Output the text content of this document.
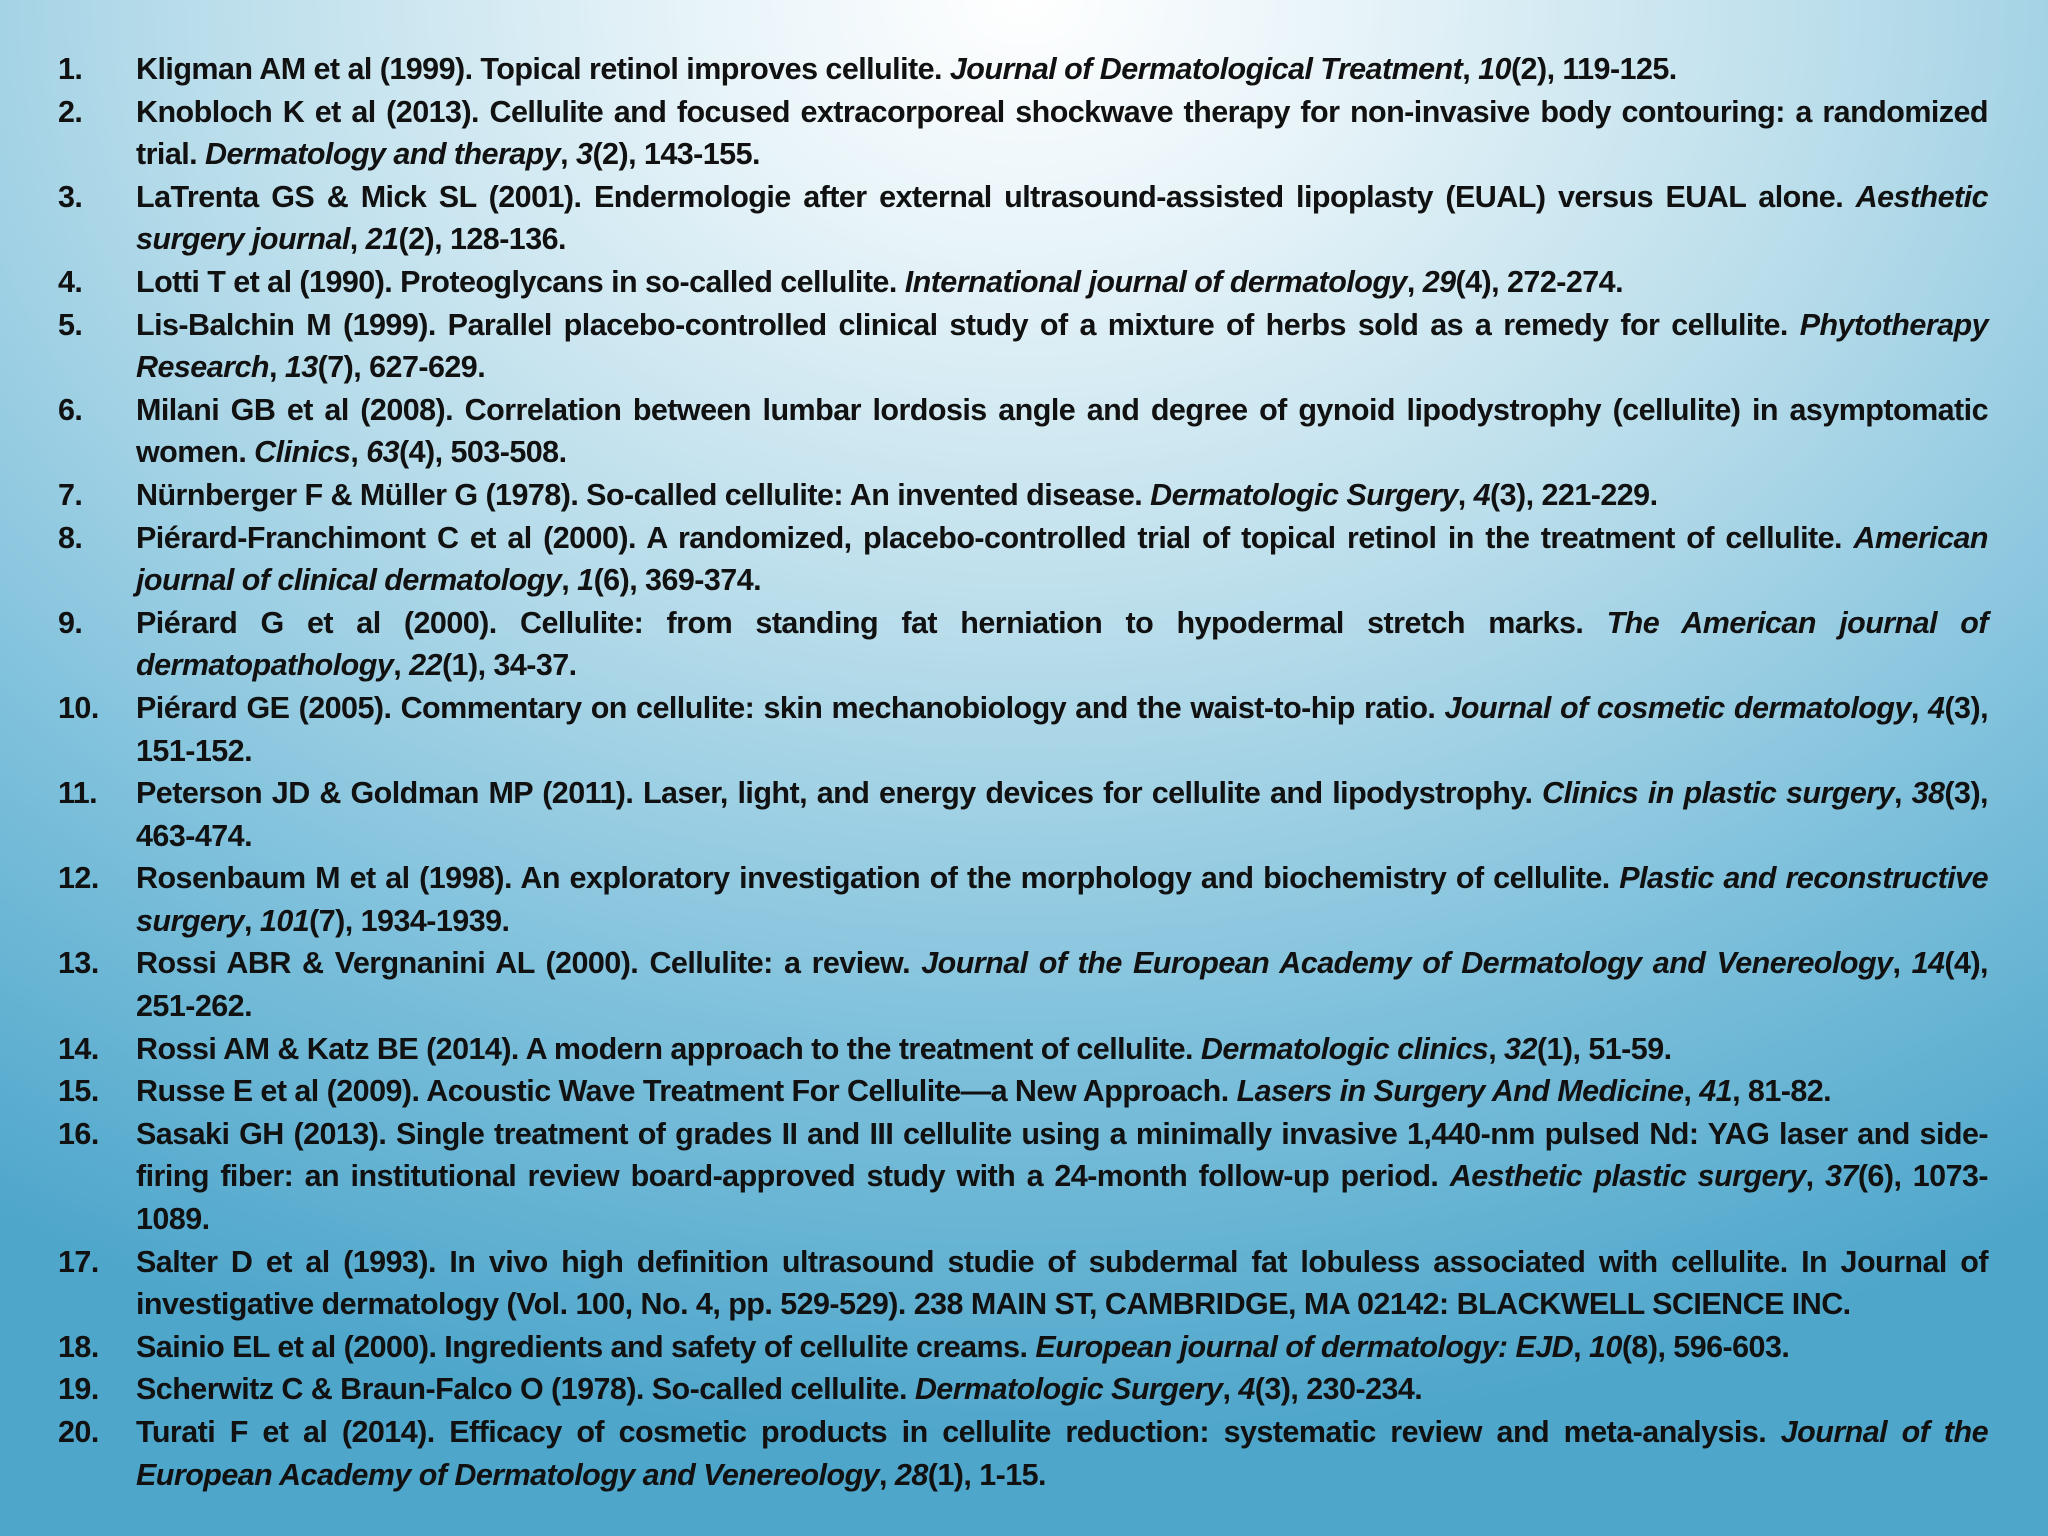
1.	Kligman AM et al (1999). Topical retinol improves cellulite. Journal of Dermatological Treatment, 10(2), 119-125.
2.	Knobloch K et al (2013). Cellulite and focused extracorporeal shockwave therapy for non-invasive body contouring: a randomized trial. Dermatology and therapy, 3(2), 143-155.
3.	LaTrenta GS & Mick SL (2001). Endermologie after external ultrasound-assisted lipoplasty (EUAL) versus EUAL alone. Aesthetic surgery journal, 21(2), 128-136.
4.	Lotti T et al (1990). Proteoglycans in so-called cellulite. International journal of dermatology, 29(4), 272-274.
5.	Lis-Balchin M (1999). Parallel placebo-controlled clinical study of a mixture of herbs sold as a remedy for cellulite. Phytotherapy Research, 13(7), 627-629.
6.	Milani GB et al (2008). Correlation between lumbar lordosis angle and degree of gynoid lipodystrophy (cellulite) in asymptomatic women. Clinics, 63(4), 503-508.
7.	Nürnberger F & Müller G (1978). So-called cellulite: An invented disease. Dermatologic Surgery, 4(3), 221-229.
8.	Piérard-Franchimont C et al (2000). A randomized, placebo-controlled trial of topical retinol in the treatment of cellulite. American journal of clinical dermatology, 1(6), 369-374.
9.	Piérard G et al (2000). Cellulite: from standing fat herniation to hypodermal stretch marks. The American journal of dermatopathology, 22(1), 34-37.
10.	Piérard GE (2005). Commentary on cellulite: skin mechanobiology and the waist-to-hip ratio. Journal of cosmetic dermatology, 4(3), 151-152.
11.	Peterson JD & Goldman MP (2011). Laser, light, and energy devices for cellulite and lipodystrophy. Clinics in plastic surgery, 38(3), 463-474.
12.	Rosenbaum M et al (1998). An exploratory investigation of the morphology and biochemistry of cellulite. Plastic and reconstructive surgery, 101(7), 1934-1939.
13.	Rossi ABR & Vergnanini AL (2000). Cellulite: a review. Journal of the European Academy of Dermatology and Venereology, 14(4), 251-262.
14.	Rossi AM & Katz BE (2014). A modern approach to the treatment of cellulite. Dermatologic clinics, 32(1), 51-59.
15.	Russe E et al (2009). Acoustic Wave Treatment For Cellulite—a New Approach. Lasers in Surgery And Medicine, 41, 81-82.
16.	Sasaki GH (2013). Single treatment of grades II and III cellulite using a minimally invasive 1,440-nm pulsed Nd: YAG laser and side-firing fiber: an institutional review board-approved study with a 24-month follow-up period. Aesthetic plastic surgery, 37(6), 1073-1089.
17.	Salter D et al (1993). In vivo high definition ultrasound studie of subdermal fat lobuless associated with cellulite. In Journal of investigative dermatology (Vol. 100, No. 4, pp. 529-529). 238 MAIN ST, CAMBRIDGE, MA 02142: BLACKWELL SCIENCE INC.
18.	Sainio EL et al (2000). Ingredients and safety of cellulite creams. European journal of dermatology: EJD, 10(8), 596-603.
19.	Scherwitz C & Braun-Falco O (1978). So-called cellulite. Dermatologic Surgery, 4(3), 230-234.
20.	Turati F et al (2014). Efficacy of cosmetic products in cellulite reduction: systematic review and meta-analysis. Journal of the European Academy of Dermatology and Venereology, 28(1), 1-15.
